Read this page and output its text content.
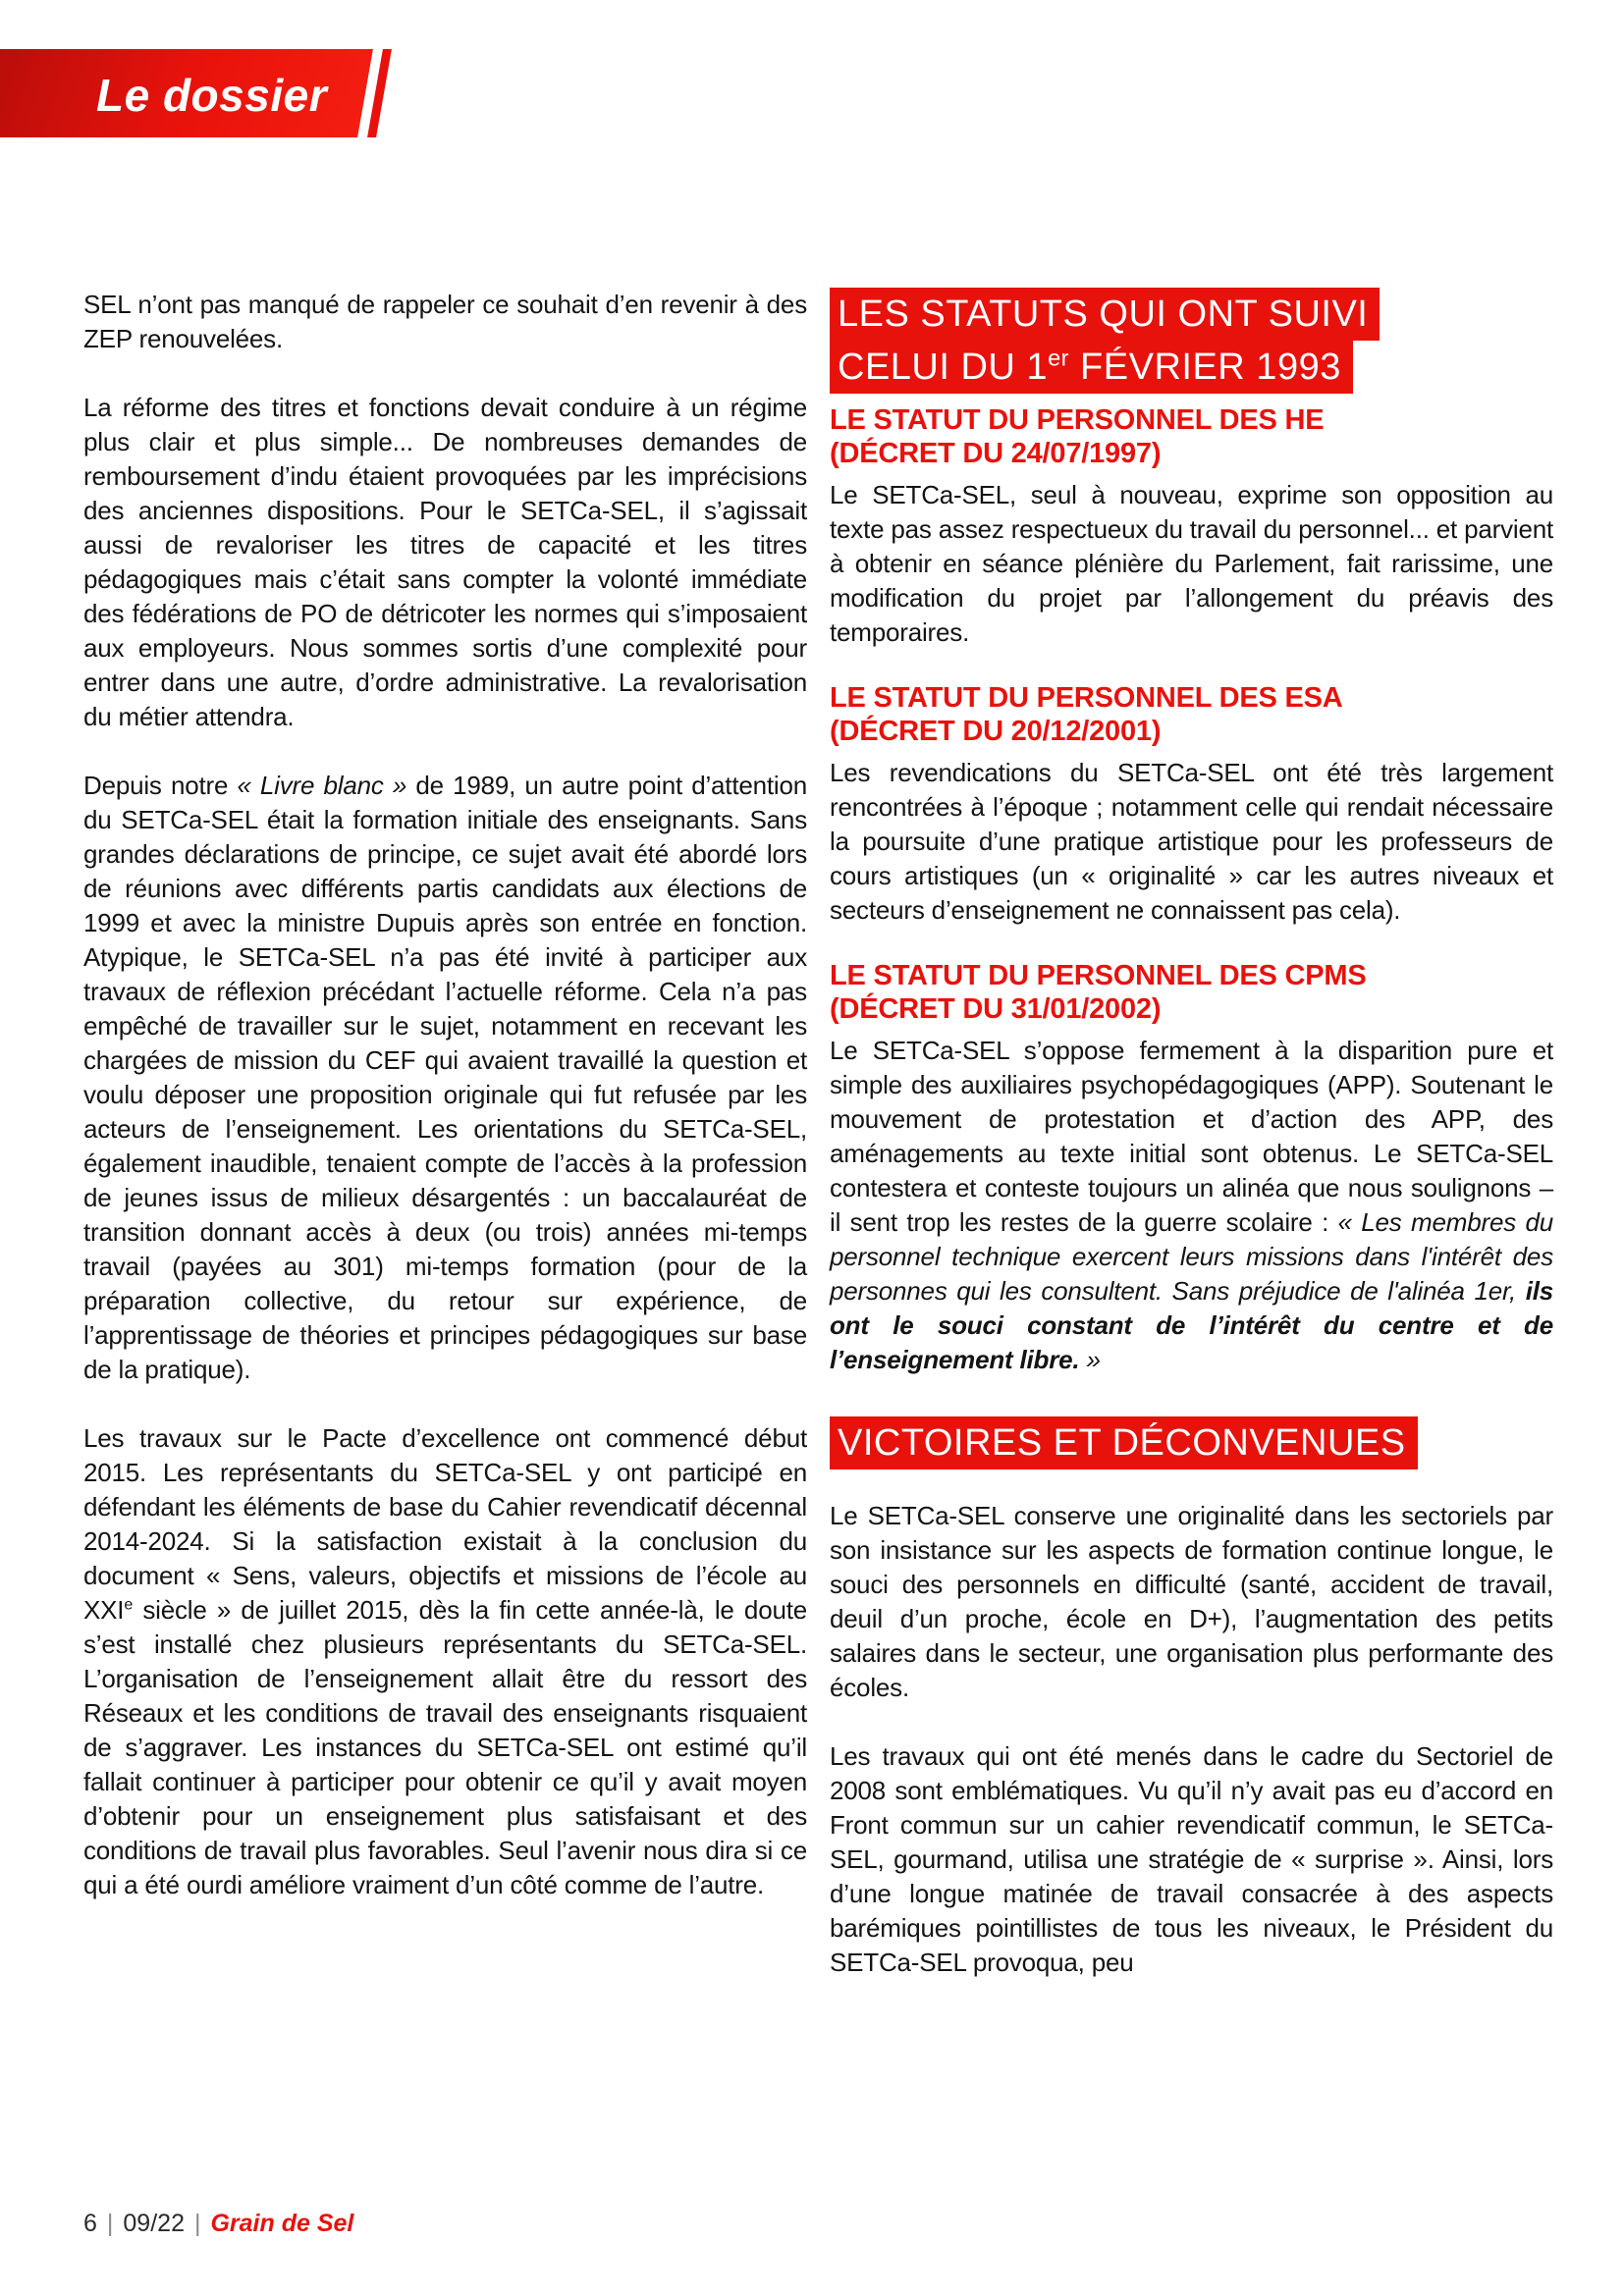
Le dossier

SEL n’ont pas manqué de rappeler ce souhait d’en revenir à des ZEP renouvelées.

La réforme des titres et fonctions devait conduire à un régime plus clair et plus simple... De nombreuses demandes de remboursement d’indu étaient provoquées par les imprécisions des anciennes dispositions. Pour le SETCa-SEL, il s’agissait aussi de revaloriser les titres de capacité et les titres pédagogiques mais c’était sans compter la volonté immédiate des fédérations de PO de détricoter les normes qui s’imposaient aux employeurs. Nous sommes sortis d’une complexité pour entrer dans une autre, d’ordre administrative. La revalorisation du métier attendra.

Depuis notre « Livre blanc » de 1989, un autre point d’attention du SETCa-SEL était la formation initiale des enseignants. Sans grandes déclarations de principe, ce sujet avait été abordé lors de réunions avec différents partis candidats aux élections de 1999 et avec la ministre Dupuis après son entrée en fonction. Atypique, le SETCa-SEL n’a pas été invité à participer aux travaux de réflexion précédant l’actuelle réforme. Cela n’a pas empêché de travailler sur le sujet, notamment en recevant les chargées de mission du CEF qui avaient travaillé la question et voulu déposer une proposition originale qui fut refusée par les acteurs de l’enseignement. Les orientations du SETCa-SEL, également inaudible, tenaient compte de l’accès à la profession de jeunes issus de milieux désargentés : un baccalauréat de transition donnant accès à deux (ou trois) années mi-temps travail (payées au 301) mi-temps formation (pour de la préparation collective, du retour sur expérience, de l’apprentissage de théories et principes pédagogiques sur base de la pratique).

Les travaux sur le Pacte d’excellence ont commencé début 2015. Les représentants du SETCa-SEL y ont participé en défendant les éléments de base du Cahier revendicatif décennal 2014-2024. Si la satisfaction existait à la conclusion du document « Sens, valeurs, objectifs et missions de l’école au XXIe siècle » de juillet 2015, dès la fin cette année-là, le doute s’est installé chez plusieurs représentants du SETCa-SEL. L’organisation de l’enseignement allait être du ressort des Réseaux et les conditions de travail des enseignants risquaient de s’aggraver. Les instances du SETCa-SEL ont estimé qu’il fallait continuer à participer pour obtenir ce qu’il y avait moyen d’obtenir pour un enseignement plus satisfaisant et des conditions de travail plus favorables. Seul l’avenir nous dira si ce qui a été ourdi améliore vraiment d’un côté comme de l’autre.

LES STATUTS QUI ONT SUIVI
CELUI DU 1er FÉVRIER 1993
LE STATUT DU PERSONNEL DES HE
(DÉCRET DU 24/07/1997)

Le SETCa-SEL, seul à nouveau, exprime son opposition au texte pas assez respectueux du travail du personnel... et parvient à obtenir en séance plénière du Parlement, fait rarissime, une modification du projet par l’allongement du préavis des temporaires.

LE STATUT DU PERSONNEL DES ESA
(DÉCRET DU 20/12/2001)

Les revendications du SETCa-SEL ont été très largement rencontrées à l’époque ; notamment celle qui rendait nécessaire la poursuite d’une pratique artistique pour les professeurs de cours artistiques (un « originalité » car les autres niveaux et secteurs d’enseignement ne connaissent pas cela).

LE STATUT DU PERSONNEL DES CPMS
(DÉCRET DU 31/01/2002)

Le SETCa-SEL s’oppose fermement à la disparition pure et simple des auxiliaires psychopédagogiques (APP). Soutenant le mouvement de protestation et d’action des APP, des aménagements au texte initial sont obtenus. Le SETCa-SEL contestera et conteste toujours un alinéa que nous soulignons – il sent trop les restes de la guerre scolaire : « Les membres du personnel technique exercent leurs missions dans l'intérêt des personnes qui les consultent. Sans préjudice de l'alinéa 1er, ils ont le souci constant de l’intérêt du centre et de l’enseignement libre. »

VICTOIRES ET DÉCONVENUES

Le SETCa-SEL conserve une originalité dans les sectoriels par son insistance sur les aspects de formation continue longue, le souci des personnels en difficulté (santé, accident de travail, deuil d’un proche, école en D+), l’augmentation des petits salaires dans le secteur, une organisation plus performante des écoles.

Les travaux qui ont été menés dans le cadre du Sectoriel de 2008 sont emblématiques. Vu qu’il n’y avait pas eu d’accord en Front commun sur un cahier revendicatif commun, le SETCa-SEL, gourmand, utilisa une stratégie de « surprise ». Ainsi, lors d’une longue matinée de travail consacrée à des aspects barémiques pointillistes de tous les niveaux, le Président du SETCa-SEL provoqua, peu

6 | 09/22 | Grain de Sel
